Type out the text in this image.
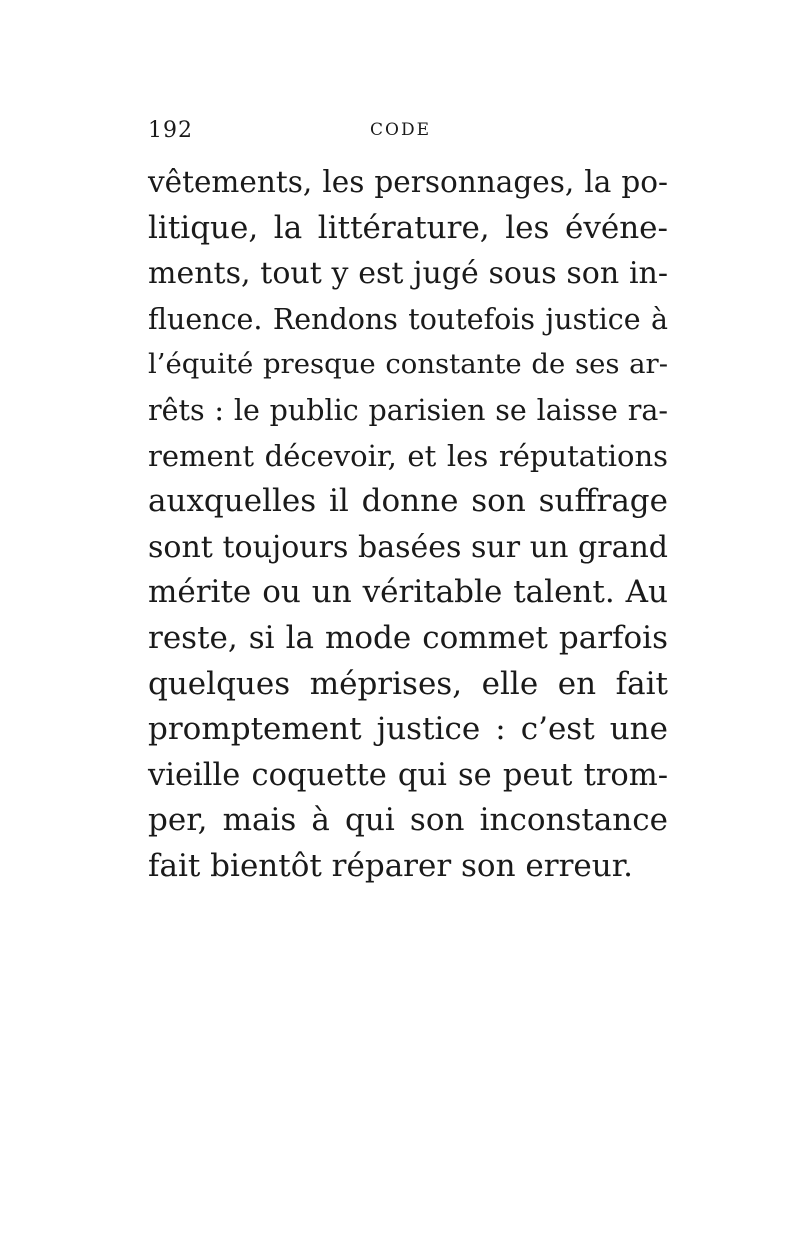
192	CODE
vêtements, les personnages, la po-
litique, la littérature, les événe-
ments, tout y est jugé sous son in-
fluence. Rendons toutefois justice à
l’équité presque constante de ses ar-
rêts : le public parisien se laisse ra-
rement décevoir, et les réputations
auxquelles il donne son suffrage
sont toujours basées sur un grand
mérite ou un véritable talent. Au
reste, si la mode commet parfois
quelques méprises, elle en fait
promptement justice : c’est une
vieille coquette qui se peut trom-
per, mais à qui son inconstance
fait bientôt réparer son erreur.
